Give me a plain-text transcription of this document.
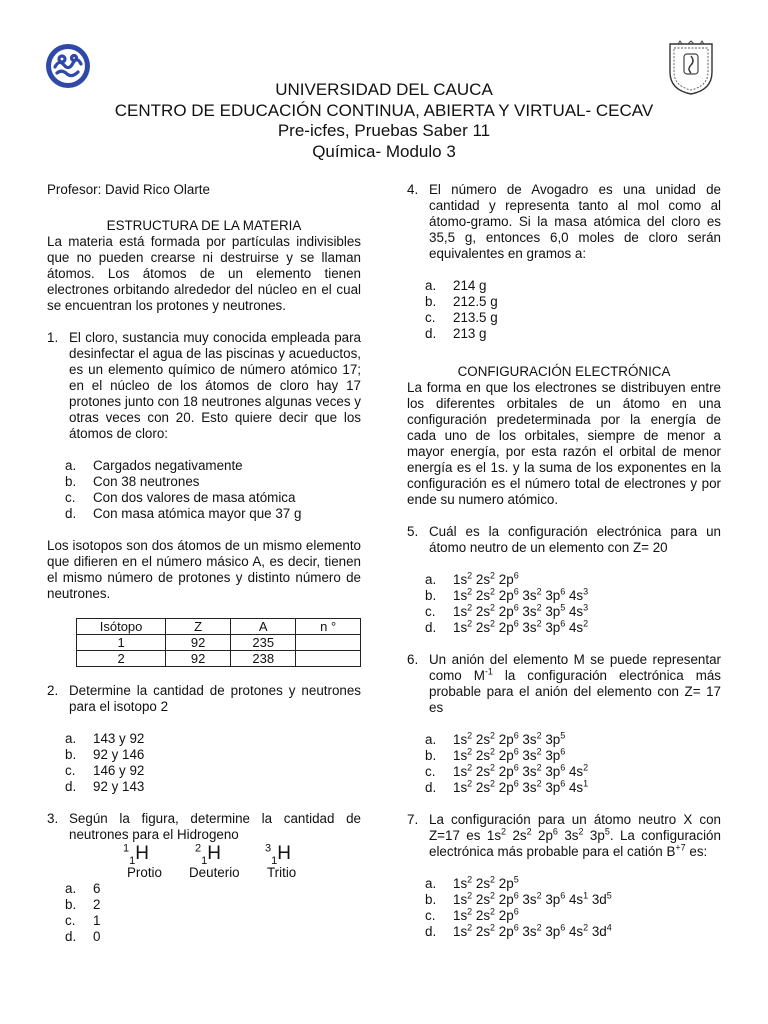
UNIVERSIDAD DEL CAUCA
CENTRO DE EDUCACIÓN CONTINUA, ABIERTA Y VIRTUAL- CECAV
Pre-icfes, Pruebas Saber 11
Química- Modulo 3
Profesor: David Rico Olarte
ESTRUCTURA DE LA MATERIA
La materia está formada por partículas indivisibles que no pueden crearse ni destruirse y se llaman átomos. Los átomos de un elemento tienen electrones orbitando alrededor del núcleo en el cual se encuentran los protones y neutrones.
1. El cloro, sustancia muy conocida empleada para desinfectar el agua de las piscinas y acueductos, es un elemento químico de número atómico 17; en el núcleo de los átomos de cloro hay 17 protones junto con 18 neutrones algunas veces y otras veces con 20. Esto quiere decir que los átomos de cloro:
a. Cargados negativamente
b. Con 38 neutrones
c. Con dos valores de masa atómica
d. Con masa atómica mayor que 37 g
Los isotopos son dos átomos de un mismo elemento que difieren en el número másico A, es decir, tienen el mismo número de protones y distinto número de neutrones.
Isótopo	Z	A	n °
1	92	235	
2	92	238	
2. Determine la cantidad de protones y neutrones para el isotopo 2
a. 143 y 92
b. 92 y 146
c. 146 y 92
d. 92 y 143
3. Según la figura, determine la cantidad de neutrones para el Hidrogeno
$^1_1$H	$^2_1$H	$^3_1$H
Protio Deuterio Tritio
a. 6
b. 2
c. 1
d. 0
4. El número de Avogadro es una unidad de cantidad y representa tanto al mol como al átomo-gramo. Si la masa atómica del cloro es 35,5 g, entonces 6,0 moles de cloro serán equivalentes en gramos a:
a. 214 g
b. 212.5 g
c. 213.5 g
d. 213 g
CONFIGURACIÓN ELECTRÓNICA
La forma en que los electrones se distribuyen entre los diferentes orbitales de un átomo en una configuración predeterminada por la energía de cada uno de los orbitales, siempre de menor a mayor energía, por esta razón el orbital de menor energía es el 1s. y la suma de los exponentes en la configuración es el número total de electrones y por ende su numero atómico.
5. Cuál es la configuración electrónica para un átomo neutro de un elemento con Z= 20
a. $1s^2$ $2s^2$ $2p^6$
b. $1s^2$ $2s^2$ $2p^6$ $3s^2$ $3p^6$ $4s^3$
c. $1s^2$ $2s^2$ $2p^6$ $3s^2$ $3p^5$ $4s^3$
d. $1s^2$ $2s^2$ $2p^6$ $3s^2$ $3p^6$ $4s^2$
6. Un anión del elemento M se puede representar como $M^{-1}$ la configuración electrónica más probable para el anión del elemento con Z= 17 es
a. $1s^2$ $2s^2$ $2p^6$ $3s^2$ $3p^5$
b. $1s^2$ $2s^2$ $2p^6$ $3s^2$ $3p^6$
c. $1s^2$ $2s^2$ $2p^6$ $3s^2$ $3p^6$ $4s^2$
d. $1s^2$ $2s^2$ $2p^6$ $3s^2$ $3p^6$ $4s^1$
7. La configuración para un átomo neutro X con Z=17 es $1s^2$ $2s^2$ $2p^6$ $3s^2$ $3p^5$. La configuración electrónica más probable para el catión $B^{+7}$ es:
a. $1s^2$ $2s^2$ $2p^5$
b. $1s^2$ $2s^2$ $2p^6$ $3s^2$ $3p^6$ $4s^1$ $3d^5$
c. $1s^2$ $2s^2$ $2p^6$
d. $1s^2$ $2s^2$ $2p^6$ $3s^2$ $3p^6$ $4s^2$ $3d^4$
